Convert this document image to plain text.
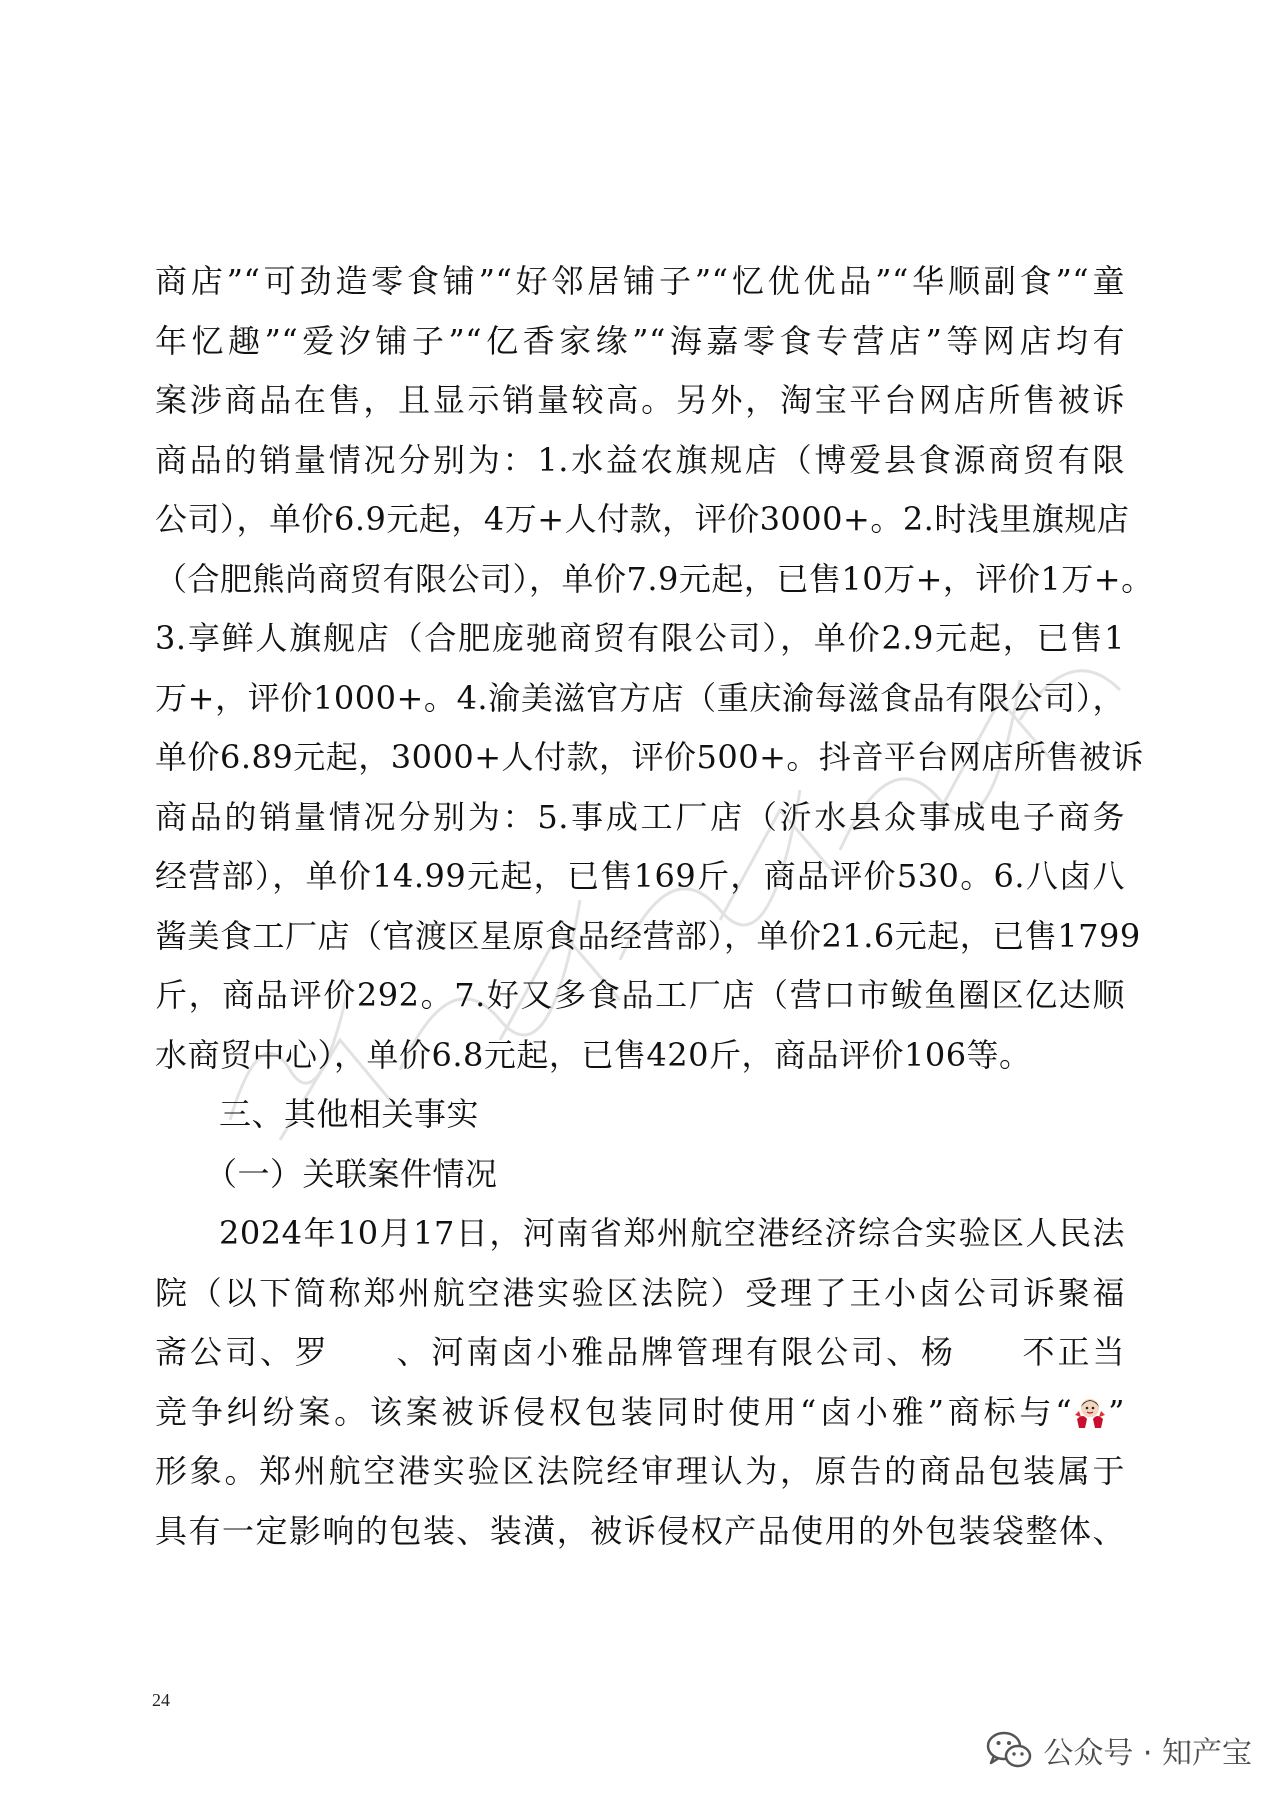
商店”“可劲造零食铺”“好邻居铺子”“忆优优品”“华顺副食”“童
年忆趣”“爱汐铺子”“亿香家缘”“海嘉零食专营店”等网店均有
案涉商品在售，且显示销量较高。另外，淘宝平台网店所售被诉
商品的销量情况分别为：1.水益农旗规店（博爱县食源商贸有限
公司），单价6.9元起，4万+人付款，评价3000+。2.时浅里旗规店
（合肥熊尚商贸有限公司），单价7.9元起，已售10万+，评价1万+。
3.享鲜人旗舰店（合肥庞驰商贸有限公司），单价2.9元起，已售1
万+，评价1000+。4.渝美滋官方店（重庆渝每滋食品有限公司），
单价6.89元起，3000+人付款，评价500+。抖音平台网店所售被诉
商品的销量情况分别为：5.事成工厂店（沂水县众事成电子商务
经营部），单价14.99元起，已售169斤，商品评价530。6.八卤八
酱美食工厂店（官渡区星原食品经营部），单价21.6元起，已售1799
斤，商品评价292。7.好又多食品工厂店（营口市鲅鱼圈区亿达顺
水商贸中心），单价6.8元起，已售420斤，商品评价106等。
三、其他相关事实
（一）关联案件情况
2024年10月17日，河南省郑州航空港经济综合实验区人民法
院（以下简称郑州航空港实验区法院）受理了王小卤公司诉聚福
斋公司、罗 、河南卤小雅品牌管理有限公司、杨 不正当
竞争纠纷案。该案被诉侵权包装同时使用“卤小雅”商标与“ ”
形象。郑州航空港实验区法院经审理认为，原告的商品包装属于
具有一定影响的包装、装潢，被诉侵权产品使用的外包装袋整体、
24
公众号 · 知产宝
